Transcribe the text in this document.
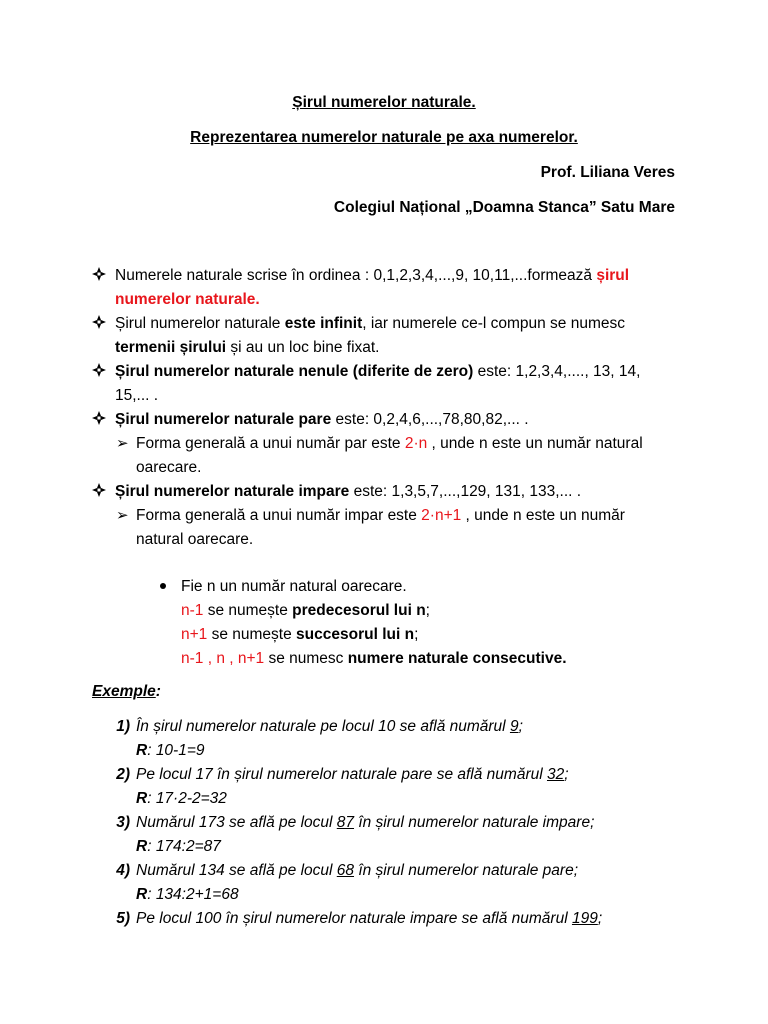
Șirul numerelor naturale.
Reprezentarea numerelor naturale pe axa numerelor.
Prof. Liliana Veres
Colegiul Național „Doamna Stanca” Satu Mare
Numerele naturale scrise în ordinea : 0,1,2,3,4,...,9, 10,11,...formează șirul
numerelor naturale.
Șirul numerelor naturale este infinit, iar numerele ce-l compun se numesc
termenii șirului și au un loc bine fixat.
Șirul numerelor naturale nenule (diferite de zero) este: 1,2,3,4,...., 13, 14,
15,... .
Șirul numerelor naturale pare este: 0,2,4,6,...,78,80,82,... .
➢ Forma generală a unui număr par este 2·n , unde n este un număr natural
oarecare.
Șirul numerelor naturale impare este: 1,3,5,7,...,129, 131, 133,... .
➢ Forma generală a unui număr impar este 2·n+1 , unde n este un număr
natural oarecare.
Fie n un număr natural oarecare.
n-1 se numește predecesorul lui n;
n+1 se numește succesorul lui n;
n-1 , n , n+1 se numesc numere naturale consecutive.
Exemple:
1) În șirul numerelor naturale pe locul 10 se află numărul 9;
R: 10-1=9
2) Pe locul 17 în șirul numerelor naturale pare se află numărul 32;
R: 17·2-2=32
3) Numărul 173 se află pe locul 87 în șirul numerelor naturale impare;
R: 174:2=87
4) Numărul 134 se află pe locul 68 în șirul numerelor naturale pare;
R: 134:2+1=68
5) Pe locul 100 în șirul numerelor naturale impare se află numărul 199;
